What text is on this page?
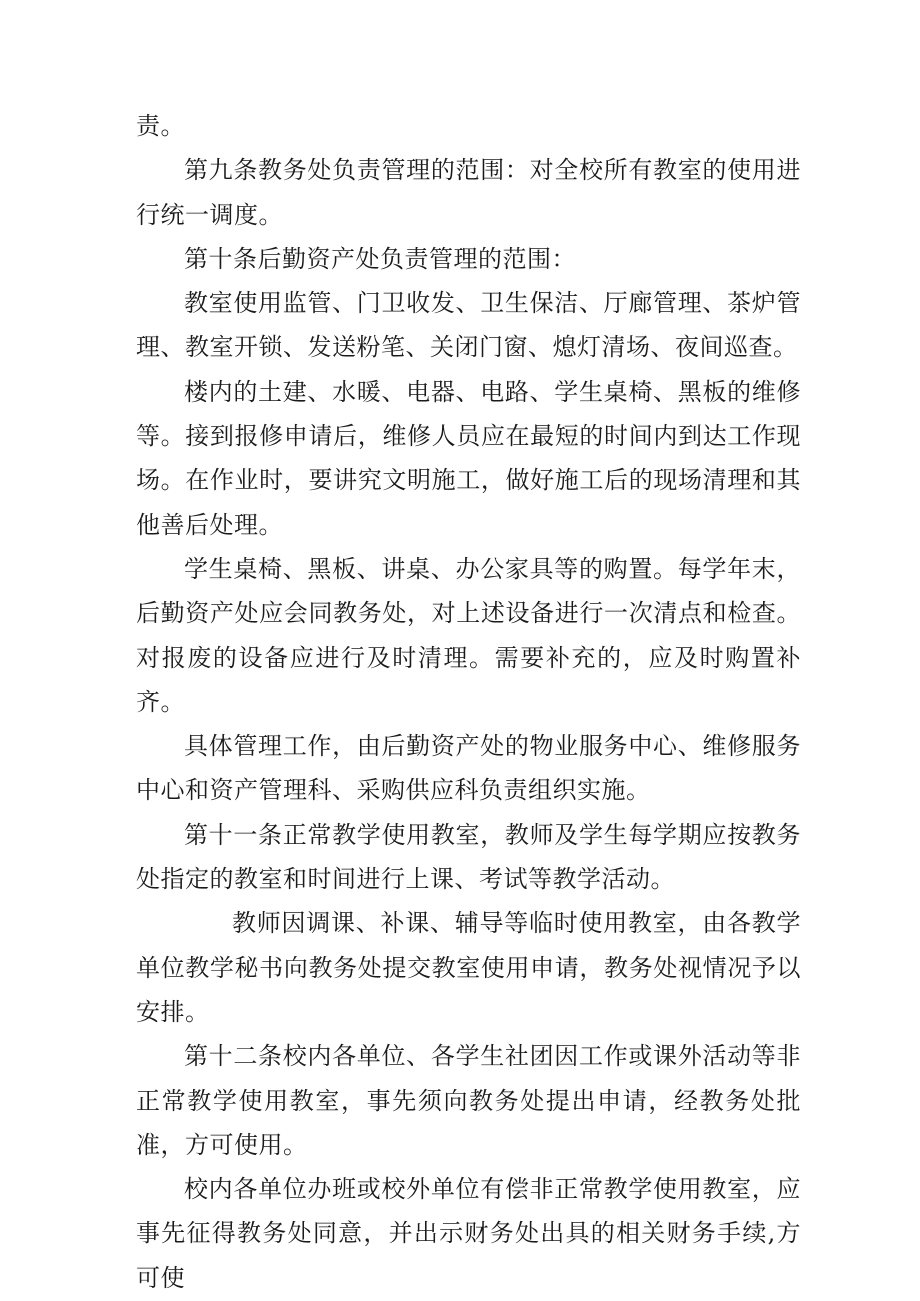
责。

第九条教务处负责管理的范围：对全校所有教室的使用进行统一调度。

第十条后勤资产处负责管理的范围：

教室使用监管、门卫收发、卫生保洁、厅廊管理、茶炉管理、教室开锁、发送粉笔、关闭门窗、熄灯清场、夜间巡查。

楼内的土建、水暖、电器、电路、学生桌椅、黑板的维修等。接到报修申请后，维修人员应在最短的时间内到达工作现场。在作业时，要讲究文明施工，做好施工后的现场清理和其他善后处理。

学生桌椅、黑板、讲桌、办公家具等的购置。每学年末，后勤资产处应会同教务处，对上述设备进行一次清点和检查。对报废的设备应进行及时清理。需要补充的，应及时购置补齐。

具体管理工作，由后勤资产处的物业服务中心、维修服务中心和资产管理科、采购供应科负责组织实施。

第十一条正常教学使用教室，教师及学生每学期应按教务处指定的教室和时间进行上课、考试等教学活动。

教师因调课、补课、辅导等临时使用教室，由各教学单位教学秘书向教务处提交教室使用申请，教务处视情况予以安排。

第十二条校内各单位、各学生社团因工作或课外活动等非正常教学使用教室，事先须向教务处提出申请，经教务处批准，方可使用。

校内各单位办班或校外单位有偿非正常教学使用教室，应事先征得教务处同意，并出示财务处出具的相关财务手续,方可使
